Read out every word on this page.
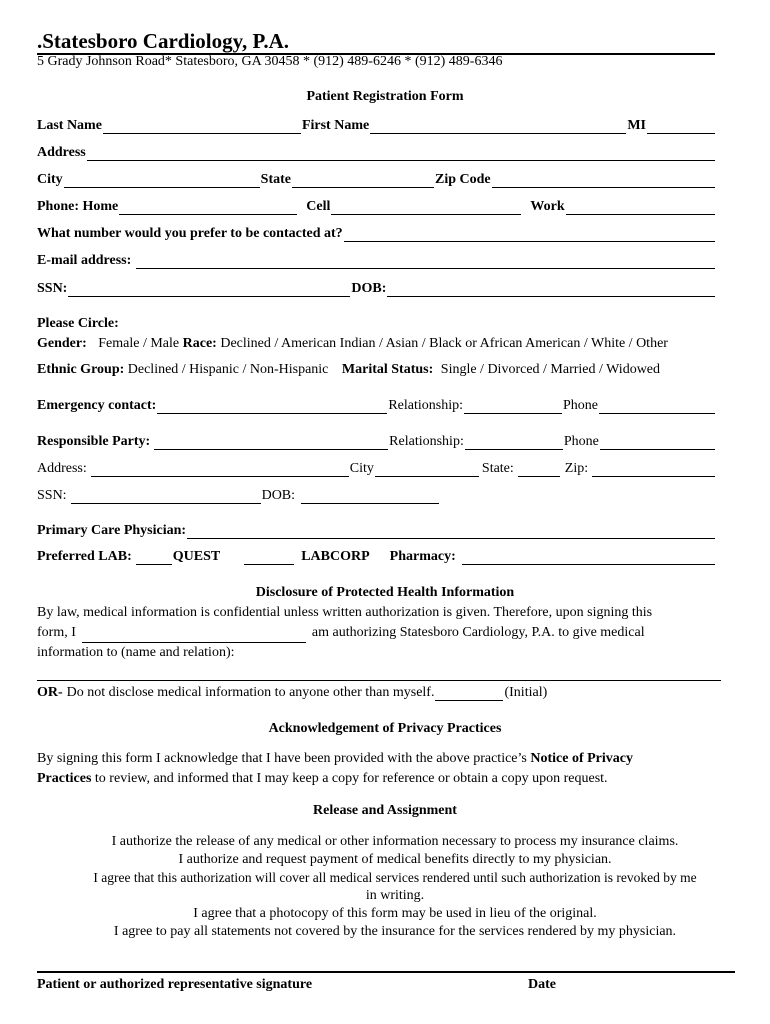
.Statesboro Cardiology, P.A.
5 Grady Johnson Road* Statesboro, GA 30458 * (912) 489-6246 * (912) 489-6346
Patient Registration Form
Last Name	First Name	MI
Address
City	State	Zip Code
Phone: Home	Cell	Work
What number would you prefer to be contacted at?
E-mail address:
SSN:	DOB:
Please Circle:
Gender: Female / Male Race: Declined / American Indian / Asian / Black or African American / White / Other
Ethnic Group: Declined / Hispanic / Non-Hispanic Marital Status: Single / Divorced / Married / Widowed
Emergency contact:	Relationship:	Phone
Responsible Party:	Relationship:	Phone
Address:	City	State:	Zip:
SSN:	DOB:
Primary Care Physician:
Preferred LAB:	QUEST	LABCORP Pharmacy:
Disclosure of Protected Health Information
By law, medical information is confidential unless written authorization is given. Therefore, upon signing this
form, I	am authorizing Statesboro Cardiology, P.A. to give medical
information to (name and relation):
OR- Do not disclose medical information to anyone other than myself.	(Initial)
Acknowledgement of Privacy Practices
By signing this form I acknowledge that I have been provided with the above practice’s Notice of Privacy
Practices to review, and informed that I may keep a copy for reference or obtain a copy upon request.
Release and Assignment
I authorize the release of any medical or other information necessary to process my insurance claims.
I authorize and request payment of medical benefits directly to my physician.
I agree that this authorization will cover all medical services rendered until such authorization is revoked by me
in writing.
I agree that a photocopy of this form may be used in lieu of the original.
I agree to pay all statements not covered by the insurance for the services rendered by my physician.
Patient or authorized representative signature	Date
